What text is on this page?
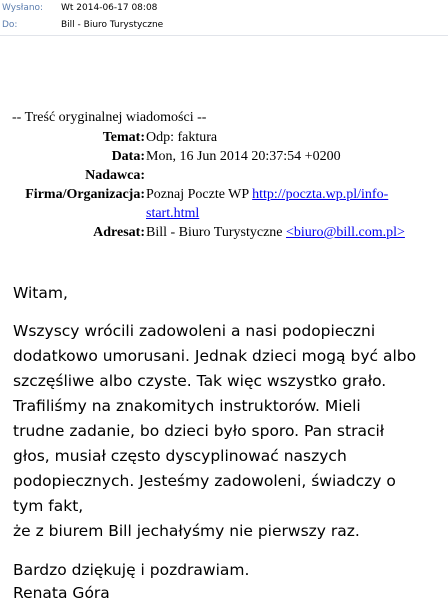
Wysłano: Wt 2014-06-17 08:08
Do:	Bill - Biuro Turystyczne
-- Treść oryginalnej wiadomości --
Temat: Odp: faktura
Data: Mon, 16 Jun 2014 20:37:54 +0200
Nadawca:
Firma/Organizacja: Poznaj Poczte WP http://poczta.wp.pl/info-
start.html
Adresat: Bill - Biuro Turystyczne <biuro@bill.com.pl>
Witam,
Wszyscy wrócili zadowoleni a nasi podopieczni
dodatkowo umorusani. Jednak dzieci mogą być albo
szczęśliwe albo czyste. Tak więc wszystko grało.
Trafiliśmy na znakomitych instruktorów. Mieli
trudne zadanie, bo dzieci było sporo. Pan stracił
głos, musiał często dyscyplinować naszych
podopiecznych. Jesteśmy zadowoleni, świadczy o
tym fakt,
że z biurem Bill jechałyśmy nie pierwszy raz.
Bardzo dziękuję i pozdrawiam.
Renata Góra
